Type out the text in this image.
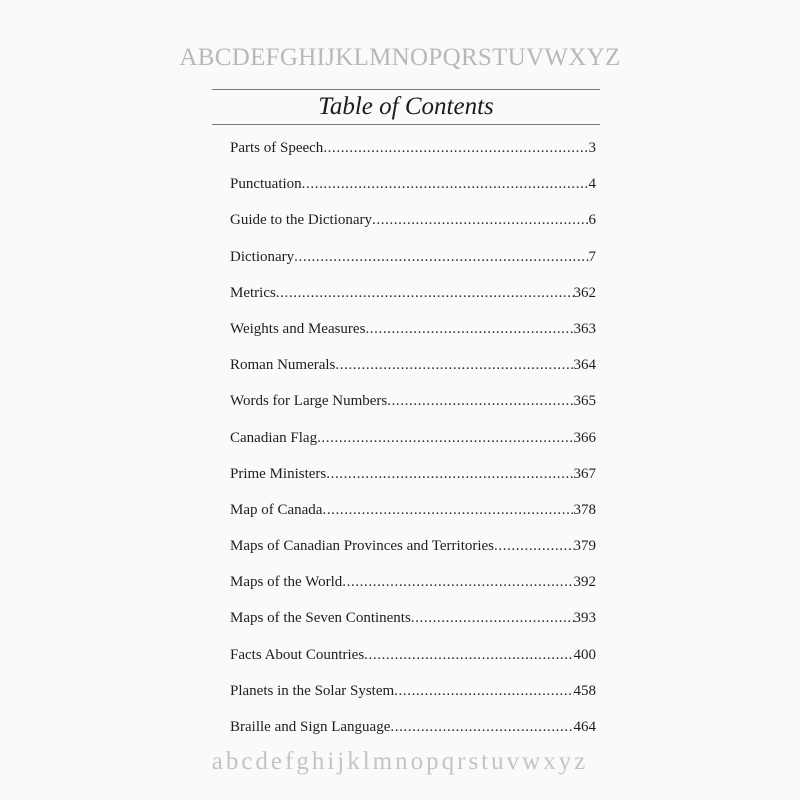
ABCDEFGHIJKLMNOPQRSTUVWXYZ
Table of Contents
Parts of Speech .....	3
Punctuation .....	4
Guide to the Dictionary .....	6
Dictionary .....	7
Metrics .....	362
Weights and Measures .....	363
Roman Numerals .....	364
Words for Large Numbers .....	365
Canadian Flag .....	366
Prime Ministers .....	367
Map of Canada .....	378
Maps of Canadian Provinces and Territories .....	379
Maps of the World .....	392
Maps of the Seven Continents .....	393
Facts About Countries .....	400
Planets in the Solar System .....	458
Braille and Sign Language .....	464
abcdefghijklmnopqrstuvwxyz
